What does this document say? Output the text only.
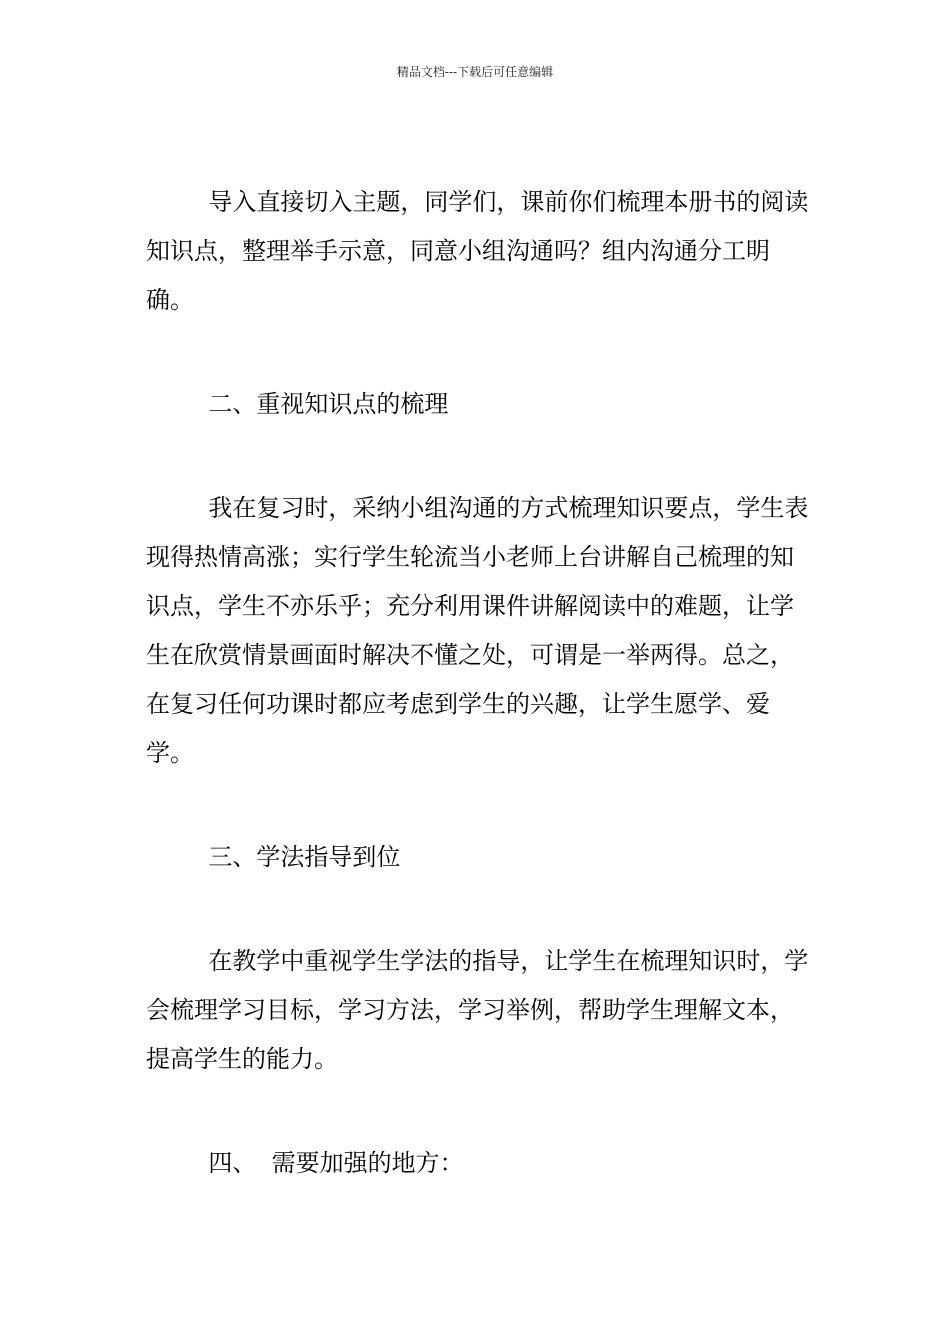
精品文档---下载后可任意编辑

导入直接切入主题，同学们，课前你们梳理本册书的阅读知识点，整理举手示意，同意小组沟通吗？组内沟通分工明确。

二、重视知识点的梳理

我在复习时，采纳小组沟通的方式梳理知识要点，学生表现得热情高涨；实行学生轮流当小老师上台讲解自己梳理的知识点，学生不亦乐乎；充分利用课件讲解阅读中的难题，让学生在欣赏情景画面时解决不懂之处，可谓是一举两得。总之，在复习任何功课时都应考虑到学生的兴趣，让学生愿学、爱学。

三、学法指导到位

在教学中重视学生学法的指导，让学生在梳理知识时，学会梳理学习目标，学习方法，学习举例，帮助学生理解文本，提高学生的能力。

四、  需要加强的地方：
